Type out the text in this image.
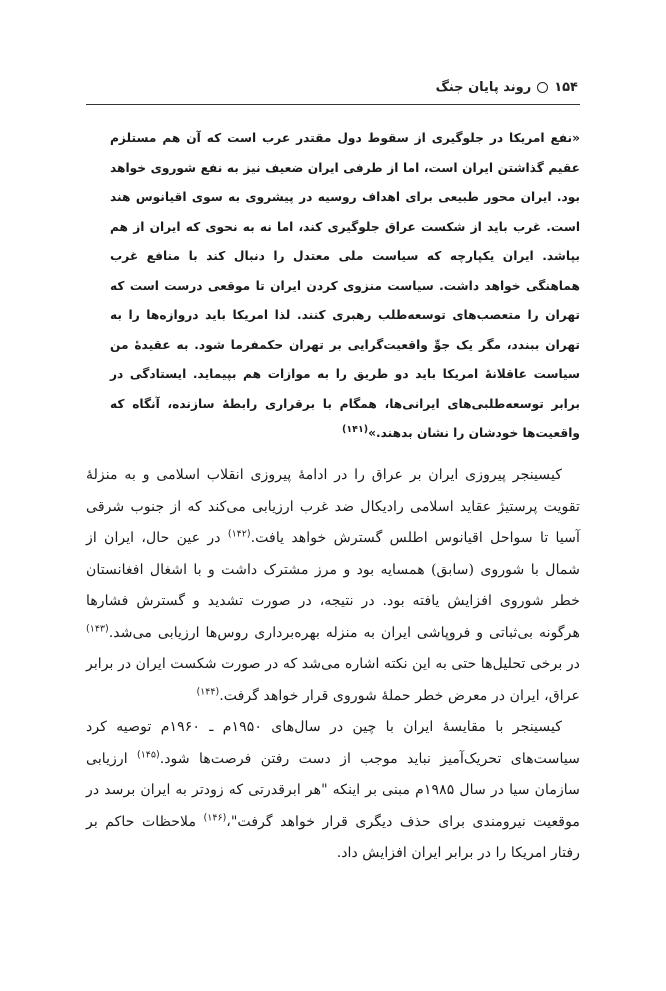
۱۵۴
روند پایان جنگ

«نفع امریکا در جلوگیری از سقوط دول مقتدر عرب است که آن هم مستلزم عقیم گذاشتن ایران است، اما از طرفی ایران ضعیف نیز به نفع شوروی خواهد بود. ایران محور طبیعی برای اهداف روسیه در پیشروی به سوی اقیانوس هند است. غرب باید از شکست عراق جلوگیری کند، اما نه به نحوی که ایران از هم بپاشد. ایران یکپارچه که سیاست ملی معتدل را دنبال کند با منافع غرب هماهنگی خواهد داشت. سیاست منزوی کردن ایران تا موقعی درست است که تهران را متعصب‌های توسعه‌طلب رهبری کنند. لذا امریکا باید دروازه‌ها را به تهران ببندد، مگر یک جوِّ واقعیت‌گرایی بر تهران حکمفرما شود. به عقیدهٔ من سیاست عاقلانهٔ امریکا باید دو طریق را به موازات هم بپیماید. ایستادگی در برابر توسعه‌طلبی‌های ایرانی‌ها، همگام با برقراری رابطهٔ سازنده، آنگاه که واقعیت‌ها خودشان را نشان بدهند.»$^{(۱۴۱)}$

کیسینجر پیروزی ایران بر عراق را در ادامهٔ پیروزی انقلاب اسلامی و به منزلهٔ تقویت پرستیژ عقاید اسلامی رادیکال ضد غرب ارزیابی می‌کند که از جنوب شرقی آسیا تا سواحل اقیانوس اطلس گسترش خواهد یافت.$^{(۱۴۲)}$ در عین حال، ایران از شمال با شوروی (سابق) همسایه بود و مرز مشترک داشت و با اشغال افغانستان خطر شوروی افزایش یافته بود. در نتیجه، در صورت تشدید و گسترش فشارها هرگونه بی‌ثباتی و فروپاشی ایران به منزله بهره‌برداری روس‌ها ارزیابی می‌شد.$^{(۱۴۳)}$ در برخی تحلیل‌ها حتی به این نکته اشاره می‌شد که در صورت شکست ایران در برابر عراق، ایران در معرض خطر حملهٔ شوروی قرار خواهد گرفت.$^{(۱۴۴)}$

کیسینجر با مقایسهٔ ایران با چین در سال‌های ۱۹۵۰م ـ ۱۹۶۰م توصیه کرد سیاست‌های تحریک‌آمیز نباید موجب از دست رفتن فرصت‌ها شود.$^{(۱۴۵)}$ ارزیابی سازمان سیا در سال ۱۹۸۵م مبنی بر اینکه "هر ابرقدرتی که زودتر به ایران برسد در موقعیت نیرومندی برای حذف دیگری قرار خواهد گرفت"،$^{(۱۴۶)}$ ملاحظات حاکم بر رفتار امریکا را در برابر ایران افزایش داد.
